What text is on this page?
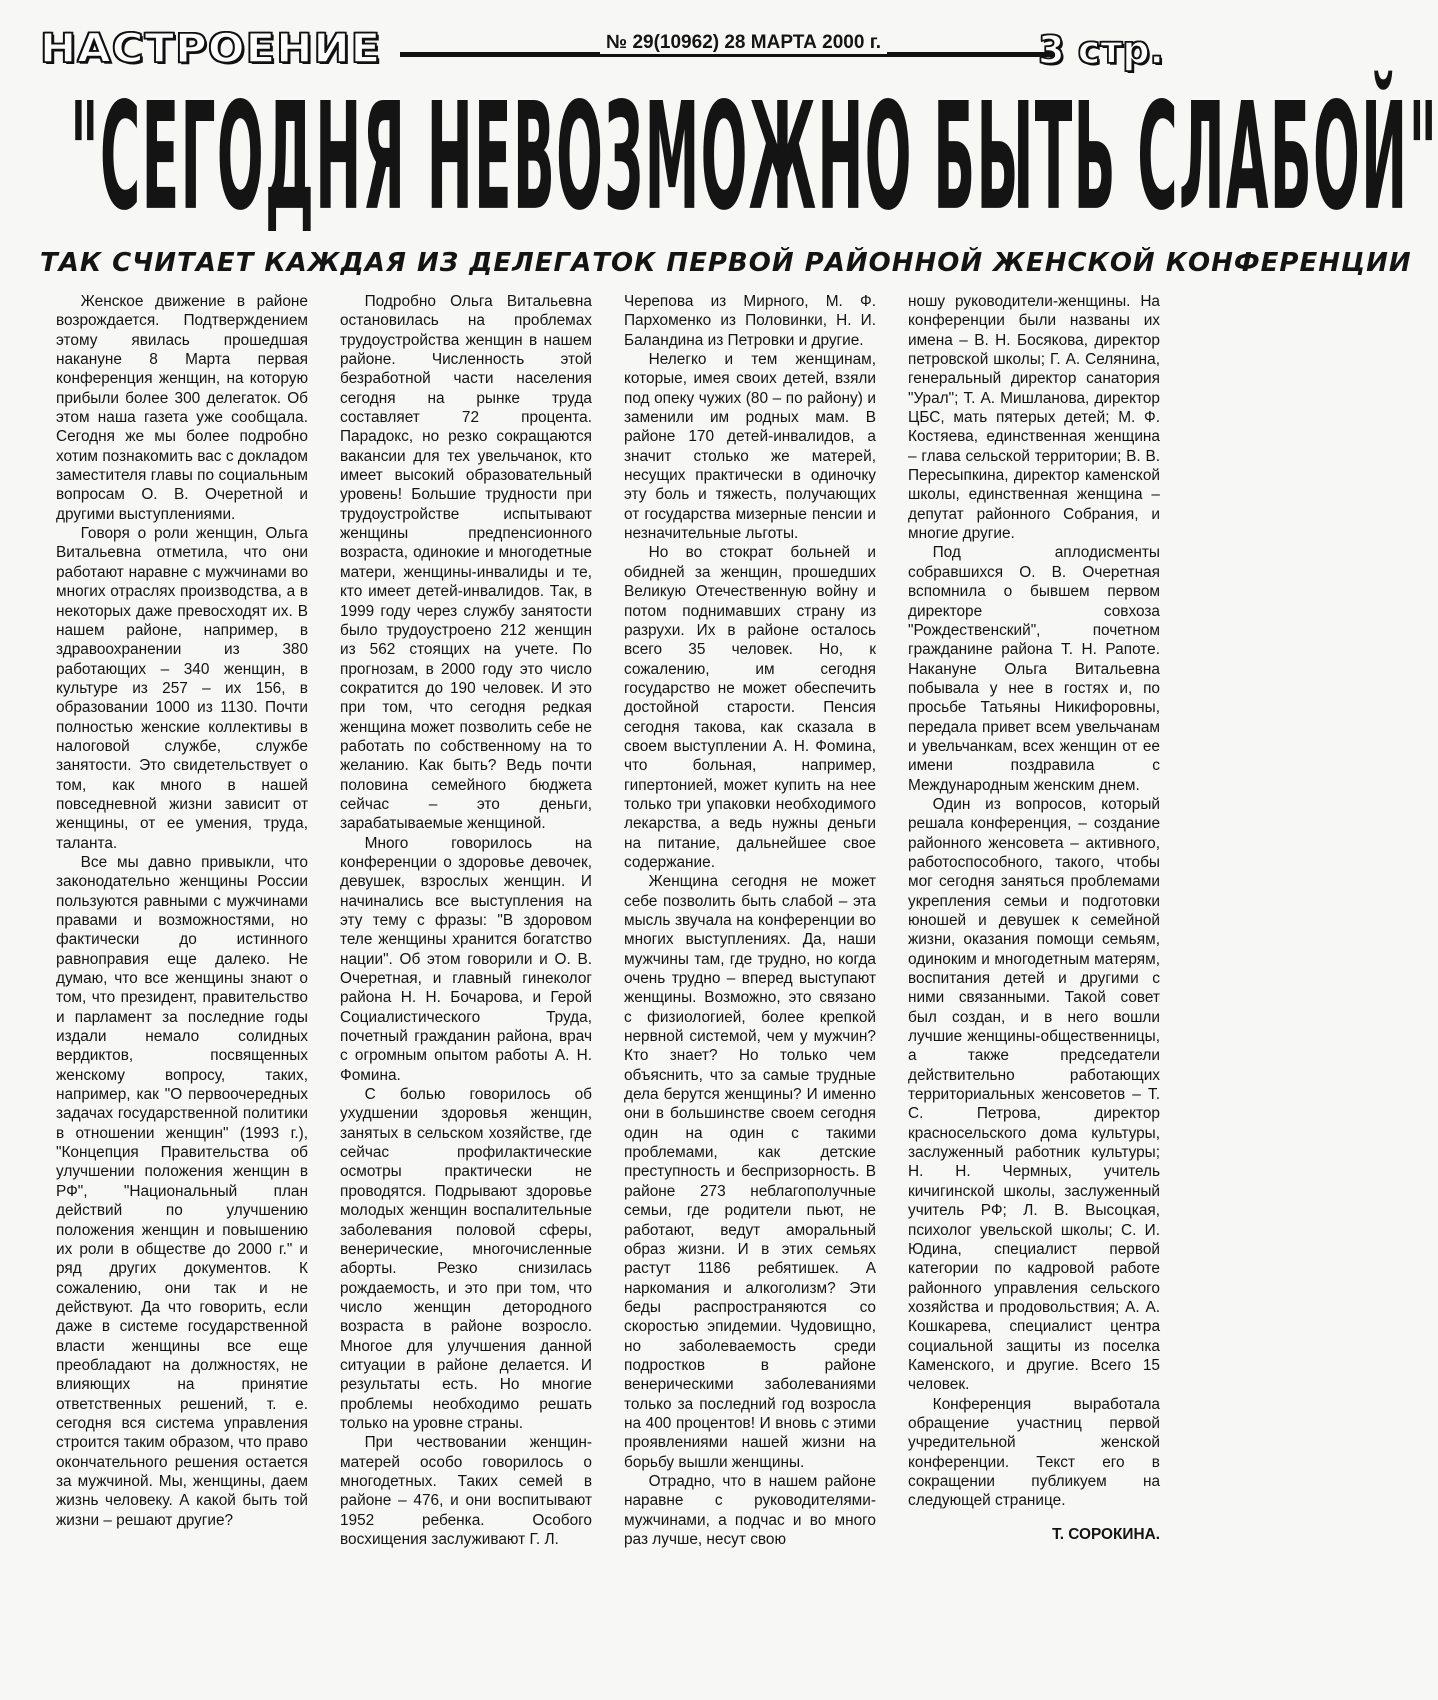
НАСТРОЕНИЕ	№ 29(10962) 28 МАРТА 2000 г.	3 стр.
"СЕГОДНЯ НЕВОЗМОЖНО БЫТЬ СЛАБОЙ"
ТАК СЧИТАЕТ КАЖДАЯ ИЗ ДЕЛЕГАТОК ПЕРВОЙ РАЙОННОЙ ЖЕНСКОЙ КОНФЕРЕНЦИИ

Женское движение в районе возрождается. Подтверждением этому явилась прошедшая накануне 8 Марта первая конференция женщин, на которую прибыли более 300 делегаток. Об этом наша газета уже сообщала. Сегодня же мы более подробно хотим познакомить вас с докладом заместителя главы по социальным вопросам О. В. Очеретной и другими выступлениями.

Говоря о роли женщин, Ольга Витальевна отметила, что они работают наравне с мужчинами во многих отраслях производства, а в некоторых даже превосходят их. В нашем районе, например, в здравоохранении из 380 работающих – 340 женщин, в культуре из 257 – их 156, в образовании 1000 из 1130. Почти полностью женские коллективы в налоговой службе, службе занятости. Это свидетельствует о том, как много в нашей повседневной жизни зависит от женщины, от ее умения, труда, таланта.

Все мы давно привыкли, что законодательно женщины России пользуются равными с мужчинами правами и возможностями, но фактически до истинного равноправия еще далеко. Не думаю, что все женщины знают о том, что президент, правительство и парламент за последние годы издали немало солидных вердиктов, посвященных женскому вопросу, таких, например, как "О первоочередных задачах государственной политики в отношении женщин" (1993 г.), "Концепция Правительства об улучшении положения женщин в РФ", "Национальный план действий по улучшению положения женщин и повышению их роли в обществе до 2000 г." и ряд других документов. К сожалению, они так и не действуют. Да что говорить, если даже в системе государственной власти женщины все еще преобладают на должностях, не влияющих на принятие ответственных решений, т. е. сегодня вся система управления строится таким образом, что право окончательного решения остается за мужчиной. Мы, женщины, даем жизнь человеку. А какой быть той жизни – решают другие?

Подробно Ольга Витальевна остановилась на проблемах трудоустройства женщин в нашем районе. Численность этой безработной части населения сегодня на рынке труда составляет 72 процента. Парадокс, но резко сокращаются вакансии для тех увельчанок, кто имеет высокий образовательный уровень! Большие трудности при трудоустройстве испытывают женщины предпенсионного возраста, одинокие и многодетные матери, женщины-инвалиды и те, кто имеет детей-инвалидов. Так, в 1999 году через службу занятости было трудоустроено 212 женщин из 562 стоящих на учете. По прогнозам, в 2000 году это число сократится до 190 человек. И это при том, что сегодня редкая женщина может позволить себе не работать по собственному на то желанию. Как быть? Ведь почти половина семейного бюджета сейчас – это деньги, зарабатываемые женщиной.

Много говорилось на конференции о здоровье девочек, девушек, взрослых женщин. И начинались все выступления на эту тему с фразы: "В здоровом теле женщины хранится богатство нации". Об этом говорили и О. В. Очеретная, и главный гинеколог района Н. Н. Бочарова, и Герой Социалистического Труда, почетный гражданин района, врач с огромным опытом работы А. Н. Фомина.

С болью говорилось об ухудшении здоровья женщин, занятых в сельском хозяйстве, где сейчас профилактические осмотры практически не проводятся. Подрывают здоровье молодых женщин воспалительные заболевания половой сферы, венерические, многочисленные аборты. Резко снизилась рождаемость, и это при том, что число женщин детородного возраста в районе возросло. Многое для улучшения данной ситуации в районе делается. И результаты есть. Но многие проблемы необходимо решать только на уровне страны.

При чествовании женщин-матерей особо говорилось о многодетных. Таких семей в районе – 476, и они воспитывают 1952 ребенка. Особого восхищения заслуживают Г. Л.

Черепова из Мирного, М. Ф. Пархоменко из Половинки, Н. И. Баландина из Петровки и другие.

Нелегко и тем женщинам, которые, имея своих детей, взяли под опеку чужих (80 – по району) и заменили им родных мам. В районе 170 детей-инвалидов, а значит столько же матерей, несущих практически в одиночку эту боль и тяжесть, получающих от государства мизерные пенсии и незначительные льготы.

Но во стократ больней и обидней за женщин, прошедших Великую Отечественную войну и потом поднимавших страну из разрухи. Их в районе осталось всего 35 человек. Но, к сожалению, им сегодня государство не может обеспечить достойной старости. Пенсия сегодня такова, как сказала в своем выступлении А. Н. Фомина, что больная, например, гипертонией, может купить на нее только три упаковки необходимого лекарства, а ведь нужны деньги на питание, дальнейшее свое содержание.

Женщина сегодня не может себе позволить быть слабой – эта мысль звучала на конференции во многих выступлениях. Да, наши мужчины там, где трудно, но когда очень трудно – вперед выступают женщины. Возможно, это связано с физиологией, более крепкой нервной системой, чем у мужчин? Кто знает? Но только чем объяснить, что за самые трудные дела берутся женщины? И именно они в большинстве своем сегодня один на один с такими проблемами, как детские преступность и беспризорность. В районе 273 неблагополучные семьи, где родители пьют, не работают, ведут аморальный образ жизни. И в этих семьях растут 1186 ребятишек. А наркомания и алкоголизм? Эти беды распространяются со скоростью эпидемии. Чудовищно, но заболеваемость среди подростков в районе венерическими заболеваниями только за последний год возросла на 400 процентов! И вновь с этими проявлениями нашей жизни на борьбу вышли женщины.

Отрадно, что в нашем районе наравне с руководителями-мужчинами, а подчас и во много раз лучше, несут свою

ношу руководители-женщины. На конференции были названы их имена – В. Н. Босякова, директор петровской школы; Г. А. Селянина, генеральный директор санатория "Урал"; Т. А. Мишланова, директор ЦБС, мать пятерых детей; М. Ф. Костяева, единственная женщина – глава сельской территории; В. В. Пересыпкина, директор каменской школы, единственная женщина – депутат районного Собрания, и многие другие.

Под аплодисменты собравшихся О. В. Очеретная вспомнила о бывшем первом директоре совхоза "Рождественский", почетном гражданине района Т. Н. Рапоте. Накануне Ольга Витальевна побывала у нее в гостях и, по просьбе Татьяны Никифоровны, передала привет всем увельчанам и увельчанкам, всех женщин от ее имени поздравила с Международным женским днем.

Один из вопросов, который решала конференция, – создание районного женсовета – активного, работоспособного, такого, чтобы мог сегодня заняться проблемами укрепления семьи и подготовки юношей и девушек к семейной жизни, оказания помощи семьям, одиноким и многодетным матерям, воспитания детей и другими с ними связанными. Такой совет был создан, и в него вошли лучшие женщины-общественницы, а также председатели действительно работающих территориальных женсоветов – Т. С. Петрова, директор красносельского дома культуры, заслуженный работник культуры; Н. Н. Чермных, учитель кичигинской школы, заслуженный учитель РФ; Л. В. Высоцкая, психолог увельской школы; С. И. Юдина, специалист первой категории по кадровой работе районного управления сельского хозяйства и продовольствия; А. А. Кошкарева, специалист центра социальной защиты из поселка Каменского, и другие. Всего 15 человек.

Конференция выработала обращение участниц первой учредительной женской конференции. Текст его в сокращении публикуем на следующей странице.

Т. СОРОКИНА.
